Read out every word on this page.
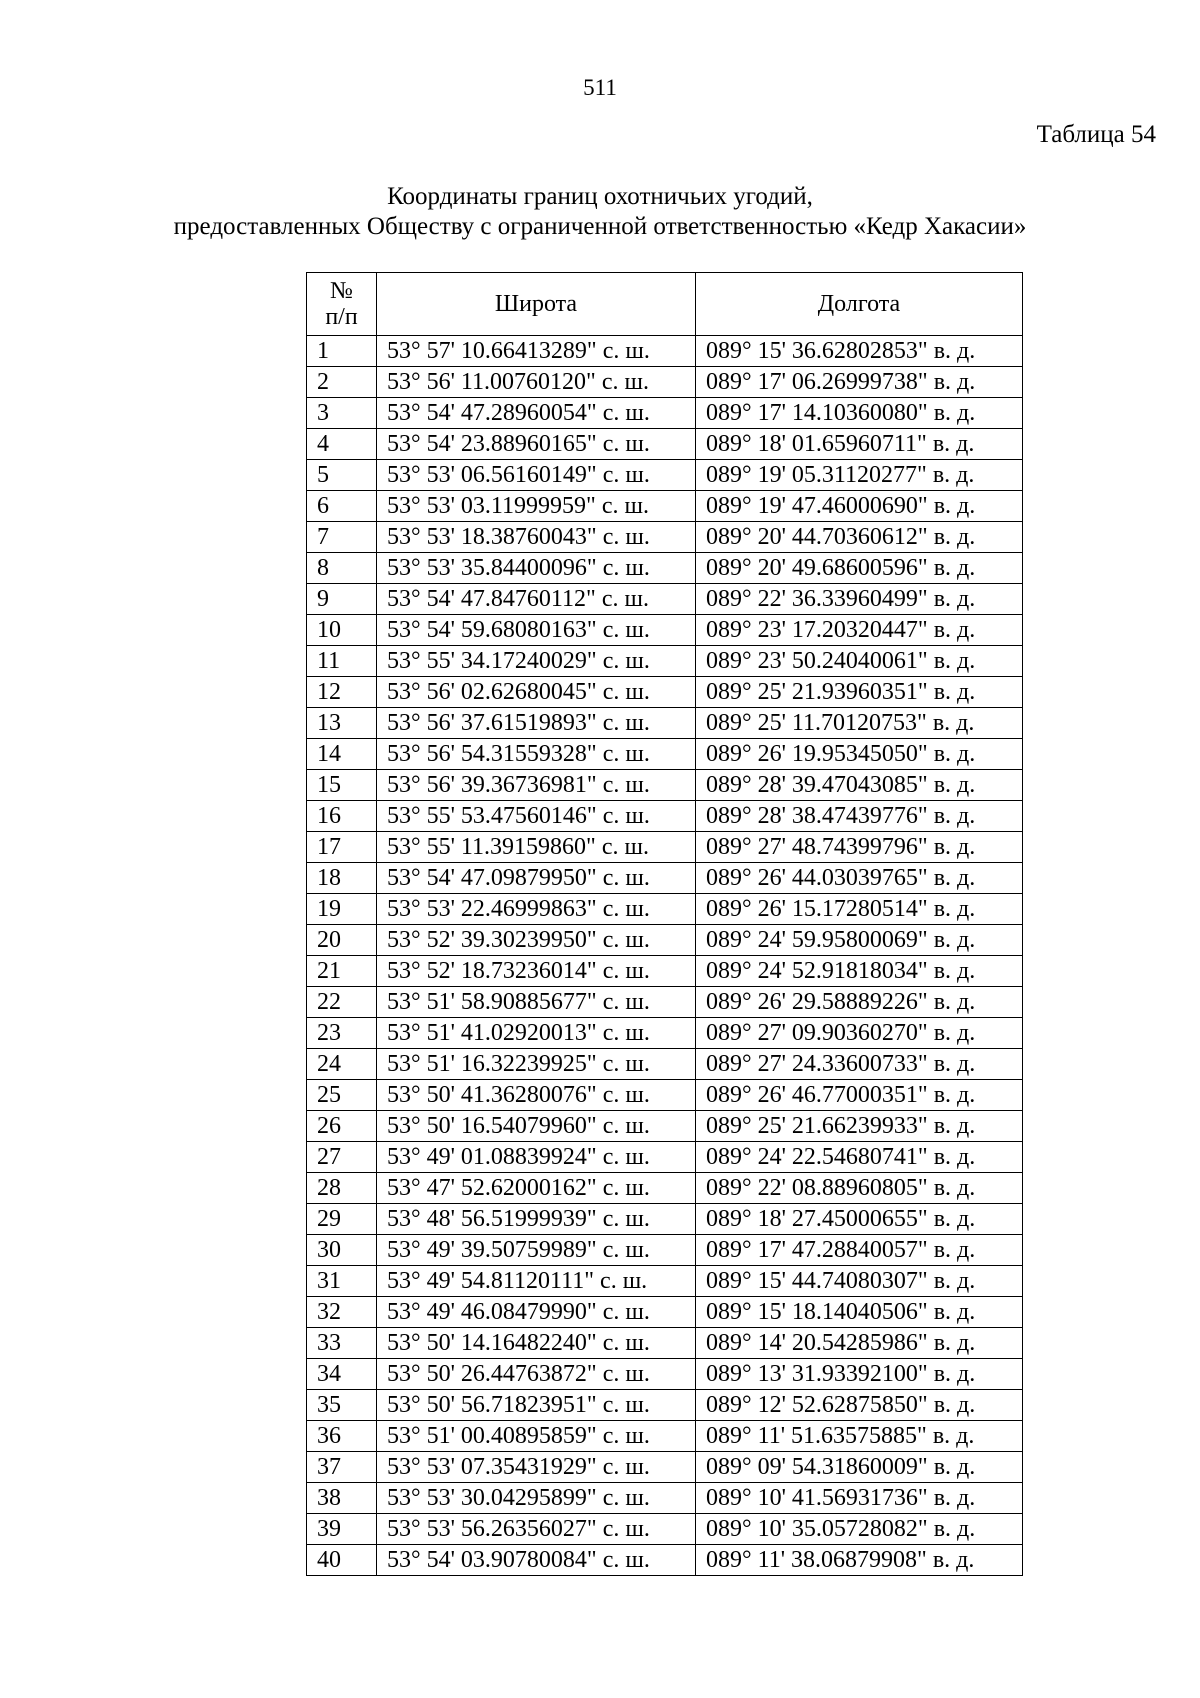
511
Таблица 54
Координаты границ охотничьих угодий,
предоставленных Обществу с ограниченной ответственностью «Кедр Хакасии»
№
п/п	Широта	Долгота
1	53° 57' 10.66413289" с. ш.	089° 15' 36.62802853" в. д.
2	53° 56' 11.00760120" с. ш.	089° 17' 06.26999738" в. д.
3	53° 54' 47.28960054" с. ш.	089° 17' 14.10360080" в. д.
4	53° 54' 23.88960165" с. ш.	089° 18' 01.65960711" в. д.
5	53° 53' 06.56160149" с. ш.	089° 19' 05.31120277" в. д.
6	53° 53' 03.11999959" с. ш.	089° 19' 47.46000690" в. д.
7	53° 53' 18.38760043" с. ш.	089° 20' 44.70360612" в. д.
8	53° 53' 35.84400096" с. ш.	089° 20' 49.68600596" в. д.
9	53° 54' 47.84760112" с. ш.	089° 22' 36.33960499" в. д.
10	53° 54' 59.68080163" с. ш.	089° 23' 17.20320447" в. д.
11	53° 55' 34.17240029" с. ш.	089° 23' 50.24040061" в. д.
12	53° 56' 02.62680045" с. ш.	089° 25' 21.93960351" в. д.
13	53° 56' 37.61519893" с. ш.	089° 25' 11.70120753" в. д.
14	53° 56' 54.31559328" с. ш.	089° 26' 19.95345050" в. д.
15	53° 56' 39.36736981" с. ш.	089° 28' 39.47043085" в. д.
16	53° 55' 53.47560146" с. ш.	089° 28' 38.47439776" в. д.
17	53° 55' 11.39159860" с. ш.	089° 27' 48.74399796" в. д.
18	53° 54' 47.09879950" с. ш.	089° 26' 44.03039765" в. д.
19	53° 53' 22.46999863" с. ш.	089° 26' 15.17280514" в. д.
20	53° 52' 39.30239950" с. ш.	089° 24' 59.95800069" в. д.
21	53° 52' 18.73236014" с. ш.	089° 24' 52.91818034" в. д.
22	53° 51' 58.90885677" с. ш.	089° 26' 29.58889226" в. д.
23	53° 51' 41.02920013" с. ш.	089° 27' 09.90360270" в. д.
24	53° 51' 16.32239925" с. ш.	089° 27' 24.33600733" в. д.
25	53° 50' 41.36280076" с. ш.	089° 26' 46.77000351" в. д.
26	53° 50' 16.54079960" с. ш.	089° 25' 21.66239933" в. д.
27	53° 49' 01.08839924" с. ш.	089° 24' 22.54680741" в. д.
28	53° 47' 52.62000162" с. ш.	089° 22' 08.88960805" в. д.
29	53° 48' 56.51999939" с. ш.	089° 18' 27.45000655" в. д.
30	53° 49' 39.50759989" с. ш.	089° 17' 47.28840057" в. д.
31	53° 49' 54.81120111" с. ш.	089° 15' 44.74080307" в. д.
32	53° 49' 46.08479990" с. ш.	089° 15' 18.14040506" в. д.
33	53° 50' 14.16482240" с. ш.	089° 14' 20.54285986" в. д.
34	53° 50' 26.44763872" с. ш.	089° 13' 31.93392100" в. д.
35	53° 50' 56.71823951" с. ш.	089° 12' 52.62875850" в. д.
36	53° 51' 00.40895859" с. ш.	089° 11' 51.63575885" в. д.
37	53° 53' 07.35431929" с. ш.	089° 09' 54.31860009" в. д.
38	53° 53' 30.04295899" с. ш.	089° 10' 41.56931736" в. д.
39	53° 53' 56.26356027" с. ш.	089° 10' 35.05728082" в. д.
40	53° 54' 03.90780084" с. ш.	089° 11' 38.06879908" в. д.
